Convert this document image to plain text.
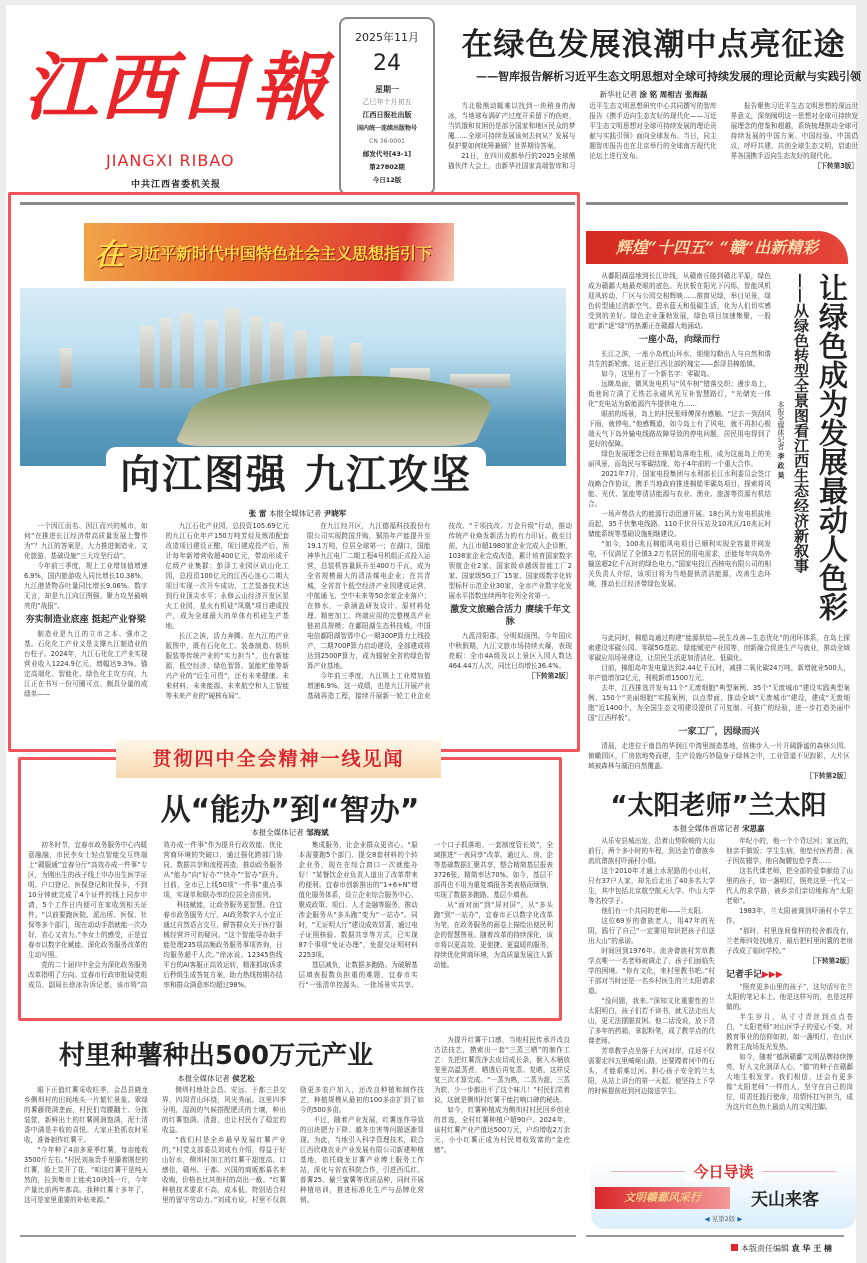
江西日報
JIANGXI RIBAO
中共江西省委机关报
2025年11月
24
星期一
乙巳年十月初五
江西日报社出版
国内统一连续出版物号
CN 36-0001
邮发代号[43-1]
第27802期
今日12版
在绿色发展浪潮中点亮征途
——智库报告解析习近平生态文明思想对全球可持续发展的理论贡献与实践引领
新华社记者 涂 铭 周相吉 张海磊

当北极熊动辄难以找到一块稍身的海冰，当地球布满矿产过度开采留下的伤疤，当饥饿和贫困仍是部分国家和地区民众的梦魇……全球可持续发展该何去何从？发展与保护要如何统筹兼顾？世界期待答案。

21日，在四川成都举行的2025全球熊猫伙伴大会上，由新华社国家高端智库和习近平生态文明思想研究中心共同撰写的智库报告《携手迈向生态友好的现代化——习近平生态文明思想对全球可持续发展的理论贡献与实践引领》面向全球发布。当日，同主题智库报告也在北京举行的全球南方现代化论坛上进行发布。

报告聚焦习近平生态文明思想的深远世界意义，深刻阐明这一思想对全球可持续发展理念的借鉴和超越，系统梳理推动全球可持续发展的中国方案、中国经验、中国倡议，呼吁共建、共创全球生态文明，启迪世界各国携手迈向生态友好的现代化。

［下转第3版］
在 习近平新时代中国特色社会主义思想指引下
向江图强 九江攻坚
张 雷 本报全媒体记者 尹晓军

一个因江而名、因江而兴的城市，如何“在推进长江经济带高质量发展上警作为”？九江的答案是，大力推进制造业、文化旅游、基础设施“三大攻坚行动”。

今年前三季度，规上工业增加值增速6.9%，国内旅游收入同比增长10.38%，九江港货物吞吐量同比增长9.06%。数字无言，却是九江向江图强、聚力攻坚最响亮的“战报”。

夯实制造业底座 挺起产业脊梁

制造业是九江的立市之本、强市之基。石化化工产业又是支撑九江制造业的台柱子。2024年，九江石化化工产业实现营业收入1224.9亿元，增幅达9.3%。锚定高端化、智能化、绿色化主攻方向，九江正在书写一份可圈可点、颇具分量的成绩单——

九江石化产业园，总投资105.69亿元的九江石化年产150万吨芳烃及炼油配套改造项目建设正酣，项目建成投产后，预计每年新增营收超400亿元，带动形成千亿级产业集群；彭泽工业园区矶山化工园，总投资100亿元的江西心连心二期大项目实现一次开车成功，工艺装备技术达到行业顶尖水平；永修云山经济开发区星火工业园，星火有机硅“凤凰”项目建成投产，成为全球最大的单体有机硅生产基地。

长江之滨，活力奔腾。在九江的产业版图中，既有石化化工、装备制造、纺织服装等传统产业的“实力担当”，也有新能源、低空经济、绿色智算、氢能贮能等新兴产业的“后生可畏”，还有未来健康、未来材料、未来能源、未来航空和人工智能等未来产业的“硬核布局”。

在九江经开区，九江德福科技股份有限公司实现跨国并购，铜箔年产能提升至19.1万吨，位居全球第一；在湖口，国能神华九江电厂二期工程4号机组正式投入运营，总装机容量跃升至400万千瓦，成为全省规模最大的清洁煤电企业；在共青城，全省首个低空经济产业园建成运营，中航通飞、空中未来等50余家企业落户；在修水，一条涵盖研发设计、原材料处理、精密加工、终端应用的完整模具产业链初具规模；在鄱阳湖生态科技城，中国电信鄱阳湖智算中心一期300P算力上线投产，二期700P算力启动建设，全部建成将达到2500P算力，成为辐射全省的绿色智算产业基地。

今年前三季度，九江规上工业增加值增速6.9%。这一成绩，也是九江开展产业基础再造工程，接续开展新一轮工业企业技改、“千项技改、万企升级”行动，推动传统产业焕发新活力的有力印证。截至目前，九江市超1980家企业完成入企诊断，1038家企业完成改造，累计培育国家数字领航企业2家、国家级卓越级智能工厂2家、国家级5G工厂15家、国家级数字化转型标杆示范企业30家，全市产业数字化发展水平指数连续两年位列全省第一。

激发文旅融合活力 赓续千年文脉

九派浔阳郡，分明似画图。今年国庆中秋假期，九江文旅市场持续火爆，表现亮眼：全市4A级及以上景区入园人数达464.44万人次，同比日均增长36.4%。

［下转第2版］
辉煌“十四五” “赣”出新精彩
让绿色成为发展最动人色彩
——从绿色转型全景图看江西生态经济新叙事
本报全媒体记者 李 政 昊

从鄱阳湖湿地到长江岸线，从赣南丘陵到赣北平原，绿色成为赣鄱大地最亮眼的底色。光伏板在阳光下闪烁，智能风机迎风转动，厂区与公园交相辉映……推窗见绿，举目见景，绿色转型通过清新空气、碧水蓝天和低碳生活，化为人们切实感受到的美好。绿色企业蓬勃发展，绿色项目加速集聚，一股追“新”逐“绿”的热潮正在赣鄱大地涌动。

一座小岛，向绿而行

长江之滨，一座小岛枕山环水，细细勾勒出人与自然和谐共生的新轮廓。这正是江西北部的瑰宝——彭泽县棉船镇。

如今，这里有了一个新名字：零碳岛。

远眺岛面，微风发电机与“风车树”错落交织；漫步岛上，街巷间立满了无铁芯永磁风光互补智慧路灯，“光储充一体化”充电站为新能源汽车提供电力……

眼前的场景，岛上的村民张师傅深有感触。“过去一到刮风下雨，就停电。”他感慨道，如今岛上有了风电，就不再担心极端天气下岛外输电线路故障导致的停电问题，居民用电得到了更好的保障。

绿色发展理念已经在棉船岛落地生根，成为这座岛上的美丽风景，而岛民与零碳结缘，始于4年前的一个重大合作。

2021年7月，国家电投集团与水利部长江水利委员会签订战略合作协议，携手当地政府推进棉船零碳岛项目，探索将风能、光伏、氢能等清洁能源与农业、渔业、旅游等资源有机结合。

一场声势浩大的能源行动迅速开展。18台风力发电机拔地而起，35千伏集电线路、110千伏升压站及10兆瓦/10兆瓦时储能系统等基础设施相继建设。

“如今，100兆瓦棉船风电项目已顺利实现全容量并网发电，不仅满足了全镇3.2万名居民的用电需求，还能每年向岛外输送超2亿千瓦时的绿色电力。”国家电投江西核电有限公司的相关负责人介绍，该项目将为当地提供清洁能源，改善生态环境，推动长江经济带绿色发展。

与此同时，棉船岛通过构建“能源供给—民生改善—生态优化”的闭环体系，在岛上探索建设零碳公园、零碳5G基站、绿能赋売产业园等，创新融合促进生产与就业，推动全域零碳应用场景建设，让居民生活更加清洁化、低碳化。

目前，棉船岛年发电量达到2.44亿千瓦时，减排二氧化碳24万吨，新增就业500人，年产值增加2亿元，利税新增1500万元。

去年，江西推选并发布11个“无废细胞”典型案例、35个“无废城市”建设实践典型案例、150个“美丽细胞”实践案例，以点带面，推动全域“无废城市”建设，建成“无废细胞”近1400个，为全国生态文明建设提供了可复制、可推广的经验，进一步打造美丽中国“江西样板”。

一家工厂，因绿而兴

清晨，走进位于南昌的华润江中湾里制造基地，仿佛步入一片开阔静谧的森林公园。俯瞰园区，厂房依地势而建，生产设施巧妙隐身于绿林之中，工业管道不见踪影，大片区域被森林与湖泊自然覆盖。

［下转第2版］
贯彻四中全会精神一线见闻
从“能办”到“智办”
本报全媒体记者 邹海斌

初冬时节，宜春市政务服务中心内暖意融融，市民李女士轻点智能交互终端上“赣服通”宜春分厅“高效办成一件事”专区，为刚出生的孩子线上申办出生医学证明、户口登记、医保登记和社保卡，不到10分钟就完成了4个证件的线上同步申请，5个工作日内便可在家收到相关证件。“以前要跑医院、派出所、医保、社保等多个部门，现在动动手指就能一次办好，省心又省力。”李女士的感受，正是宜春市以数字化赋能、深化政务服务改革的生动写照。

党的二十届四中全会为深化政务服务改革指明了方向。宜春市行政审批局党组成员、副局长徐冰告诉记者，该市将“高效办成一件事”作为提升行政效能、优化营商环境的突破口，通过强化跨部门协同、数据共享和流程再造，推动政务服务从“能办”向“好办”“快办”“智办”跃升。目前，全市已上线50项“一件事”重点事项，实现单和联办率均位居全省前列。

科技赋能，让政务服务更智慧。在宜春市政务服务大厅，AI政务数字人小宜正通过自然语言交互，解答群众关于医疗器械经营许可的疑问。“这个智能导办助手能处理235项高频政务服务事项咨询，日均服务超千人次。”徐冰说。12345热线平台的AI客服正高效运转，精准抓取诉求后秒级生成答复方案，助力热线按期办结率和群众满意率均超过98%。

集成服务，让企业群众更省心。“原本需要跑5个部门、提交8套材料的个转企业务，现在在综合窗口一次就能办好！”某餐饮企业负责人道出了改革带来的便利。宜春市创新推出的“1+6+N”增值化服务体系，设立企业综合服务中心，聚成政策、项目、人才金融等服务，推动涉企服务从“多头跑”变为“一站办”。同时，“无证明大厅”建设成效显著，通过电子证照核验、数据共享等方式，已实现87个事项“免证办理”，免提交证明材料2253项。

基层减负，让数据多跑路。为破解基层填表报数负担重的难题，宜春市实行“一张清单控源头、一批场景实共享、一个口子抓落地、一套制度管长效”，全域推进“一表同享”改革，通过人、房、企等基础数据汇聚共享，整合精简基层报表3726张，精简率达70%。如今，基层干部再也不用为重复填报各类表格而烦恼，实现了数据多跑路、基层少填表。

从“面对面”到“屏对屏”，从“多头跑”到“一站办”，宜春市正以数字化改革为笔，在政务服务的画卷上描绘出便民利企的智慧图景。随着改革的持续深化，该市将以更高效、更便捷、更温暖的服务，持续优化营商环境，为高质量发展注入新动能。

“太阳老师”兰太阳
本报全媒体首席记者 宋思嘉

从乐安县城出发，沿着山势险峻的大山前行，两个多小时的车程，到达金竹畲族乡流坑畲族村吓涌村小组。

这个2010年才通上水泥路的小山村，只有37户人家，却先后走出了40多名大学生，其中包括北京航空航天大学、中山大学等名校学子。

他们有一个共同的老师——兰太阳。

这位69岁的畲族老人，用47年的光阴，践行了自己“一定要用知识把孩子们送出大山”的承诺。

时间回到1976年。流舍畲族村芳草教学点唯一一名老师被调走了，孩子们面临失学的困境。“你有文化，来村里教书吧。”村干部对当时还是一名乡村医生的兰太阳请求道。

“没问题，我来。”深知文化重要性的兰太阳明白，孩子们若不读书，就无法走出大山，更无法摆脱贫困。他二话没说，放下背了多年的药箱，拿起粉笔，成了教学点的代课老师。

芳草教学点坐落于大河对岸，往返不仅需要走四五里崎岖山路，还要蹚着河中的石头，才能艰难过河。担心孩子安全的兰太阳，从站上讲台的第一天起，便坚持上下学的时候提前赶到河边接送学生。

年纪小的，他一个个背过河；家远的，他亲手做饭；学生生病，他垫付医药费；孩子因贫辍学，他自掏腰包垫学费……

这名代课老师，把全部的爱奉献给了山里的孩子，如一盏明灯，照亮这里一代又一代人的求学路，被乡亲们亲切地称为“太阳老师”。

1983年，兰太阳被调到吓涌村小学工作。

“那时，村里连间像样的校舍都没有，兰老师四处找地方，最后把村里闲置的老房子改成了临时学校。”

［下转第2版］
记者手记▶▶▶

“照亮更多山里的孩子”，这句话写在兰太阳的笔记本上。他是这样写的，也是这样做的。

半生岁月，从寸寸青丝到点点苍白，“太阳老师”对山区学子的爱心不变，对教育事业的信仰如初，如一盏明灯，在山区教育主战场发光发热。

如今，随着“德润赣鄱”文明品牌持续擦亮，好人文化润泽人心，“德”的种子在赣鄱大地生根发芽。我们相信，还会有更多像“太阳老师”一样的人，坚守在自己的岗位，用责任践行使命，用情怀扛写担当，成为这片红色热土最动人的文明注脚。

村里种薯种出500万元产业
本报全媒体记者 侯艺松

眼下正值红薯采收旺季，会昌县晓龙乡侧圳村的田间地头一片繁忙景象。翠绿的薯藤爬满垄面，村民们弯腰翻土、分拣装筐，新鲜出土的红薯圆润饱满，泥土清香中满是丰收的喜悦。大家正抢抓农时采收，准备制作红薯干。

“今年种了4亩多夏季红薯，每亩能收3500斤左右。”村民刘泉贵手里攥着刚挖的红薯，脸上笑开了花，“咱这红薯干是纯天然的，拉到集市上能卖10块钱一斤，今年产量比前两年都高。我种红薯十多年了，这可是家里重要的补贴来源。”

侧圳村地处会昌、安远、于都三县交界，四周青山环绕，风光秀丽。这里四季分明，湿润的气候搭配肥沃的土壤，种出的红薯饱满、清甜，也让村民有了稳定的收益。

“我们村是全乡最早发展红薯产业的，”村党支部委员刘成有介绍，得益于好山好水，侧圳村加工的红薯干甜度高、口感佳，赣州、于都、兴国的商贩都慕名来收购，价格也比其他村的高出一截。“红薯种植技术要求不高，成本低，特别适合村里的留守劳动力。”刘成有说，村里不仅鼓励更多农户加入，还改良种植和制作技艺，种植规模从最初的100多亩扩到了如今的500多亩。

不过，随着产业发展，红薯连作导致的田块肥力下降、越冬虫害等问题逐渐显现。为此，当地引入科学管理技术，联合江西欣晓农业产业发展有限公司新建种植基地，依托晓龙甘薯产业博士服务工作站，深化与省农科院合作，引进西瓜红、普薯25、榆兰蜜薯等优质品种，同时开展种植培训，推进标准化生产与品牌化营销。

为提升红薯干口感，当地村民传承并改良古法技艺，摸索出一套“三蒸三晒”的制作工艺：先把红薯洗净去皮切成长条，倒入木桶放笼里高温蒸煮，晒透后再复蒸、复晒，这样反复三次才算完成。“一蒸为熟，二蒸为甜，三蒸为软，少一步都出不了这个味儿！”村民们笑着说，这就是侧圳村红薯干能打响口碑的秘诀。

如今，红薯种植成为侧圳村村民回乡创业的首选，全村红薯种植户超90户。2024年，该村红薯产业产值达500万元，户均增收2万余元，小小红薯正成为村民增收致富的“金疙瘩”。

今日导读
文明赣鄱风采行	天山来客
◀ 见第2版 ▶
本版责任编辑 袁 华 王 楠
